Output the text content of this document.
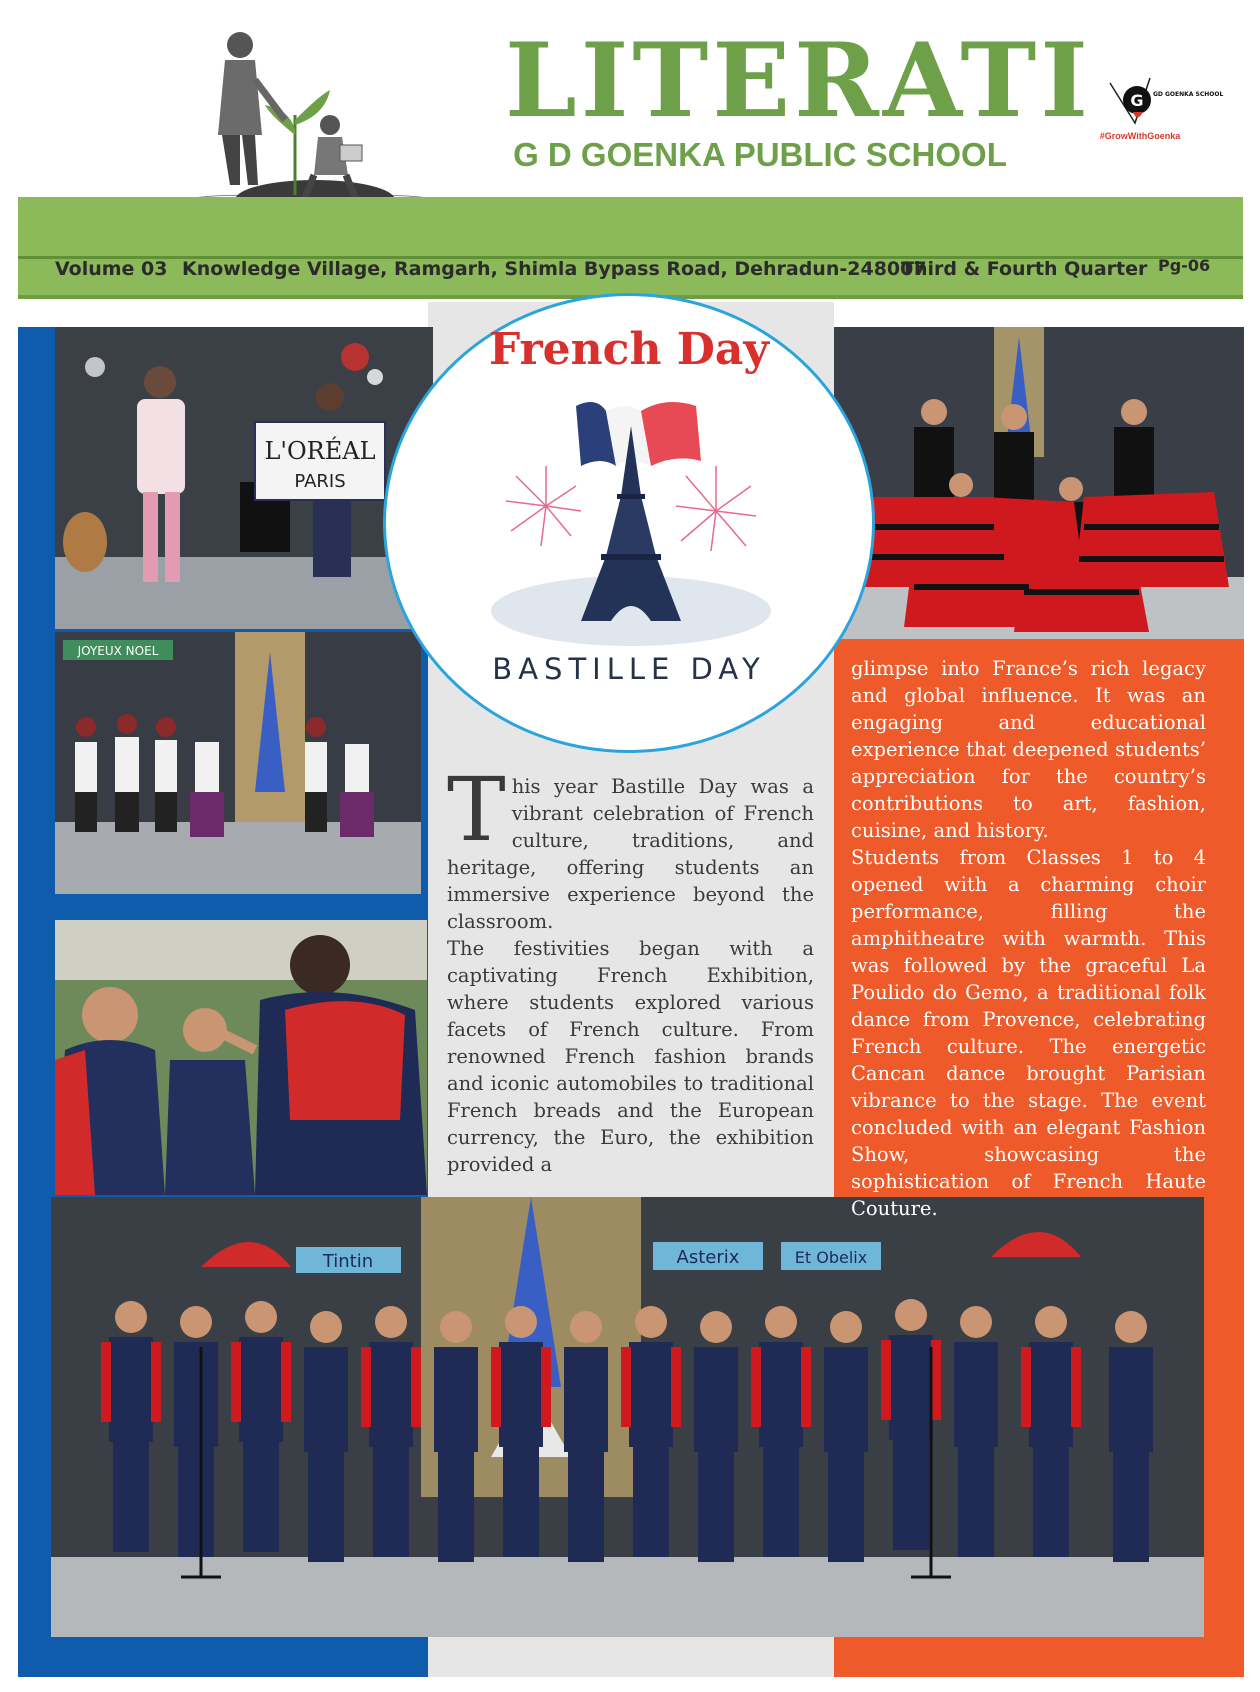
LITERATI
G D GOENKA PUBLIC SCHOOL
G GD GOENKA SCHOOL
#GrowWithGoenka
Volume 03 Knowledge Village, Ramgarh, Shimla Bypass Road, Dehradun-248007
Third & Fourth Quarter Pg-06
L'ORÉAL
PARIS
JOYEUX NOEL
Tintin	Asterix	Et Obelix
French Day
BASTILLE DAY

This year Bastille Day was a vibrant celebration of French culture, traditions, and heritage, offering students an immersive experience beyond the classroom.

The festivities began with a captivating French Exhibition, where students explored various facets of French culture. From renowned French fashion brands and iconic automobiles to traditional French breads and the European currency, the Euro, the exhibition provided a

glimpse into France’s rich legacy and global influence. It was an engaging and educational experience that deepened students’ appreciation for the country’s contributions to art, fashion, cuisine, and history.

Students from Classes 1 to 4 opened with a charming choir performance, filling the amphitheatre with warmth. This was followed by the graceful La Poulido do Gemo, a traditional folk dance from Provence, celebrating French culture. The energetic Cancan dance brought Parisian vibrance to the stage. The event concluded with an elegant Fashion Show, showcasing the sophistication of French Haute Couture.
